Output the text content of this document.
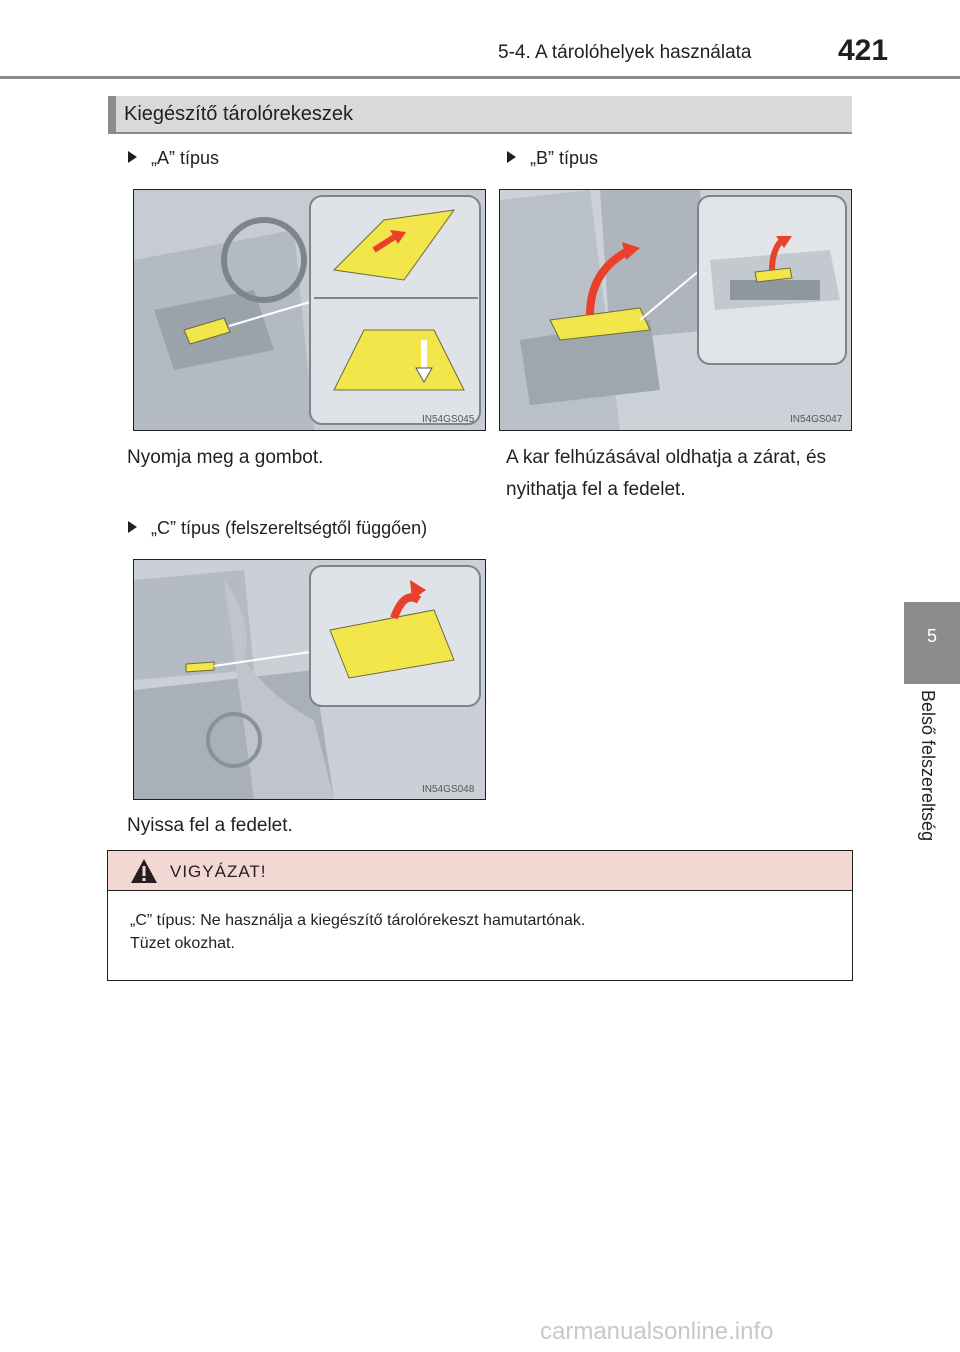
5-4. A tárolóhelyek használata	421
5
Belső felszereltség
Kiegészítő tárolórekeszek
„A” típus
IN54GS045
Nyomja meg a gombot.
„B” típus
IN54GS047
A kar felhúzásával oldhatja a zárat, és
nyithatja fel a fedelet.
„C” típus (felszereltségtől függően)
IN54GS048
Nyissa fel a fedelet.
VIGYÁZAT!
„C” típus: Ne használja a kiegészítő tárolórekeszt hamutartónak.
Tüzet okozhat.
carmanualsonline.info
